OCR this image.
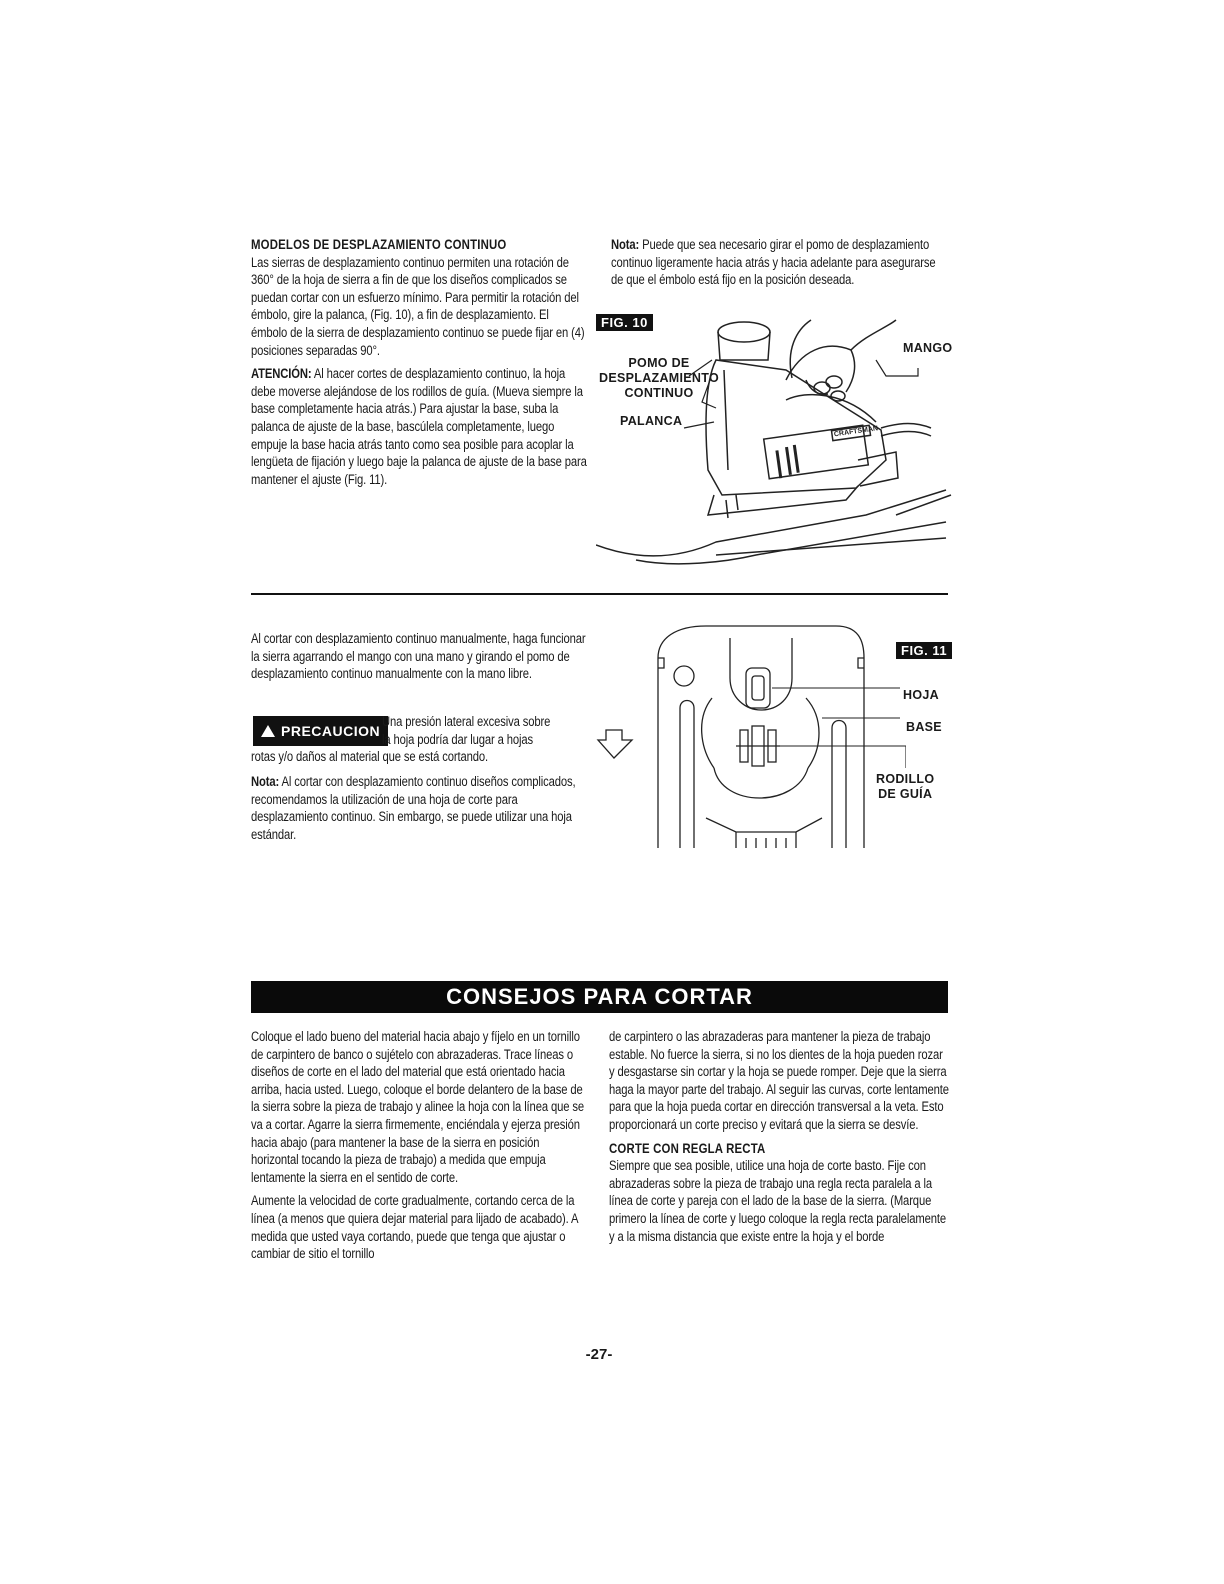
MODELOS DE DESPLAZAMIENTO CONTINUO

Las sierras de desplazamiento continuo permiten una rotación de 360° de la hoja de sierra a fin de que los diseños complicados se puedan cortar con un esfuerzo mínimo. Para permitir la rotación del émbolo, gire la palanca, (Fig. 10), a fin de desplazamiento. El émbolo de la sierra de desplazamiento continuo se puede fijar en (4) posiciones separadas 90°.

ATENCIÓN: Al hacer cortes de desplazamiento continuo, la hoja debe moverse alejándose de los rodillos de guía. (Mueva siempre la base completamente hacia atrás.) Para ajustar la base, suba la palanca de ajuste de la base, bascúlela completamente, luego empuje la base hacia atrás tanto como sea posible para acoplar la lengüeta de fijación y luego baje la palanca de ajuste de la base para mantener el ajuste (Fig. 11).

Nota: Puede que sea necesario girar el pomo de desplazamiento continuo ligeramente hacia atrás y hacia adelante para asegurarse de que el émbolo está fijo en la posición deseada.

FIG. 10
POMO DE
DESPLAZAMIENTO
CONTINUO
PALANCA
MANGO
CRAFTSMAN

Al cortar con desplazamiento continuo manualmente, haga funcionar la sierra agarrando el mango con una mano y girando el pomo de desplazamiento continuo manualmente con la mano libre.

PRECAUCION
Una presión lateral excesiva sobre
la hoja podría dar lugar a hojas
rotas y/o daños al material que se está cortando.

Nota: Al cortar con desplazamiento continuo diseños complicados, recomendamos la utilización de una hoja de corte para desplazamiento continuo. Sin embargo, se puede utilizar una hoja estándar.

FIG. 11
HOJA
BASE
RODILLO
DE GUÍA
CONSEJOS PARA CORTAR

Coloque el lado bueno del material hacia abajo y fíjelo en un tornillo de carpintero de banco o sujételo con abrazaderas. Trace líneas o diseños de corte en el lado del material que está orientado hacia arriba, hacia usted. Luego, coloque el borde delantero de la base de la sierra sobre la pieza de trabajo y alinee la hoja con la línea que se va a cortar. Agarre la sierra firmemente, enciéndala y ejerza presión hacia abajo (para mantener la base de la sierra en posición horizontal tocando la pieza de trabajo) a medida que empuja lentamente la sierra en el sentido de corte.

Aumente la velocidad de corte gradualmente, cortando cerca de la línea (a menos que quiera dejar material para lijado de acabado). A medida que usted vaya cortando, puede que tenga que ajustar o cambiar de sitio el tornillo

de carpintero o las abrazaderas para mantener la pieza de trabajo estable. No fuerce la sierra, si no los dientes de la hoja pueden rozar y desgastarse sin cortar y la hoja se puede romper. Deje que la sierra haga la mayor parte del trabajo. Al seguir las curvas, corte lentamente para que la hoja pueda cortar en dirección transversal a la veta. Esto proporcionará un corte preciso y evitará que la sierra se desvíe.

CORTE CON REGLA RECTA

Siempre que sea posible, utilice una hoja de corte basto. Fije con abrazaderas sobre la pieza de trabajo una regla recta paralela a la línea de corte y pareja con el lado de la base de la sierra. (Marque primero la línea de corte y luego coloque la regla recta paralelamente y a la misma distancia que existe entre la hoja y el borde

-27-
